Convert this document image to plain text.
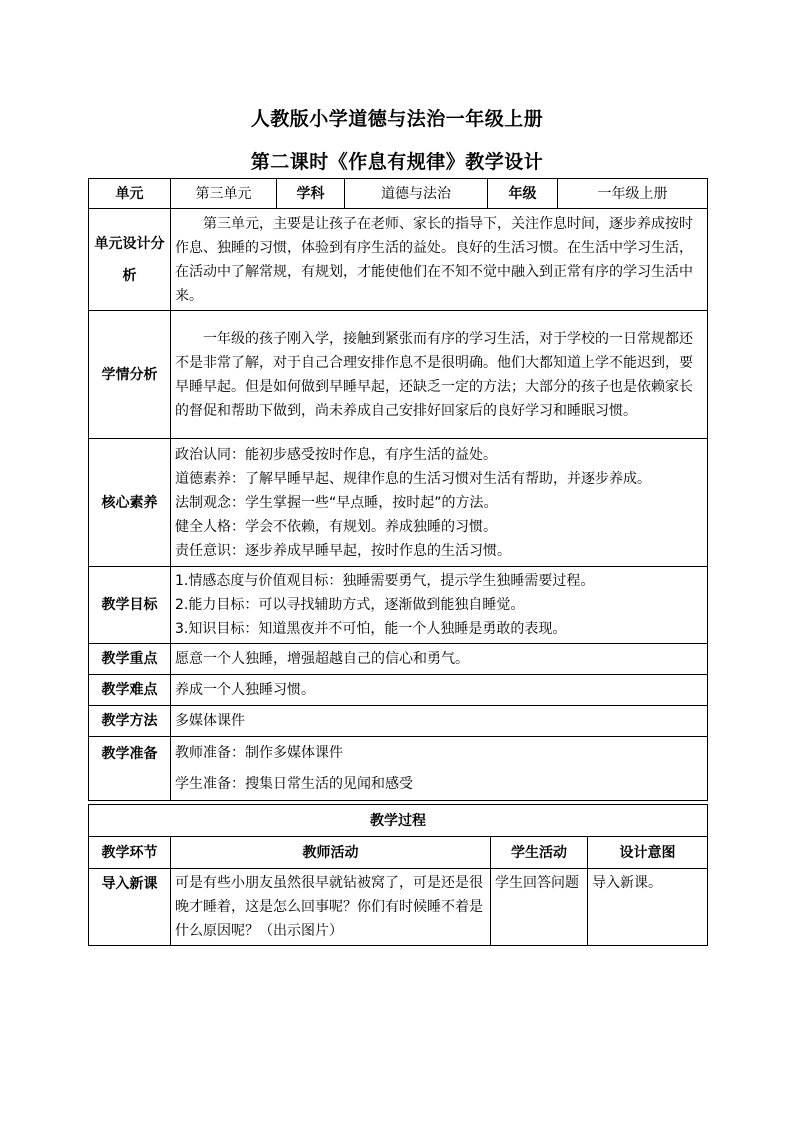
人教版小学道德与法治一年级上册
第二课时《作息有规律》教学设计
单元	第三单元	学科	道德与法治	年级	一年级上册
单元设计分析	第三单元，主要是让孩子在老师、家长的指导下，关注作息时间，逐步养成按时作息、独睡的习惯，体验到有序生活的益处。良好的生活习惯。在生活中学习生活，在活动中了解常规，有规划，才能使他们在不知不觉中融入到正常有序的学习生活中来。				

学情分析	一年级的孩子刚入学，接触到紧张而有序的学习生活，对于学校的一日常规都还不是非常了解，对于自己合理安排作息不是很明确。他们大都知道上学不能迟到，要早睡早起。但是如何做到早睡早起，还缺乏一定的方法；大部分的孩子也是依赖家长的督促和帮助下做到，尚未养成自己安排好回家后的良好学习和睡眠习惯。				

核心素养	政治认同：能初步感受按时作息，有序生活的益处。
道德素养：了解早睡早起、规律作息的生活习惯对生活有帮助，并逐步养成。
法制观念：学生掌握一些“早点睡，按时起”的方法。
健全人格：学会不依赖，有规划。养成独睡的习惯。
责任意识：逐步养成早睡早起，按时作息的生活习惯。				

教学目标	1.情感态度与价值观目标：独睡需要勇气，提示学生独睡需要过程。
2.能力目标：可以寻找辅助方式，逐渐做到能独自睡觉。
3.知识目标：知道黑夜并不可怕，能一个人独睡是勇敢的表现。				

教学重点	愿意一个人独睡，增强超越自己的信心和勇气。				
教学难点	养成一个人独睡习惯。				
教学方法	多媒体课件				
教学准备	教师准备：制作多媒体课件
学生准备：搜集日常生活的见闻和感受				
教学过程			
教学环节	教师活动	学生活动	设计意图
导入新课	可是有些小朋友虽然很早就钻被窝了，可是还是很晚才睡着，这是怎么回事呢？你们有时候睡不着是什么原因呢？（出示图片）	学生回答问题	导入新课。
